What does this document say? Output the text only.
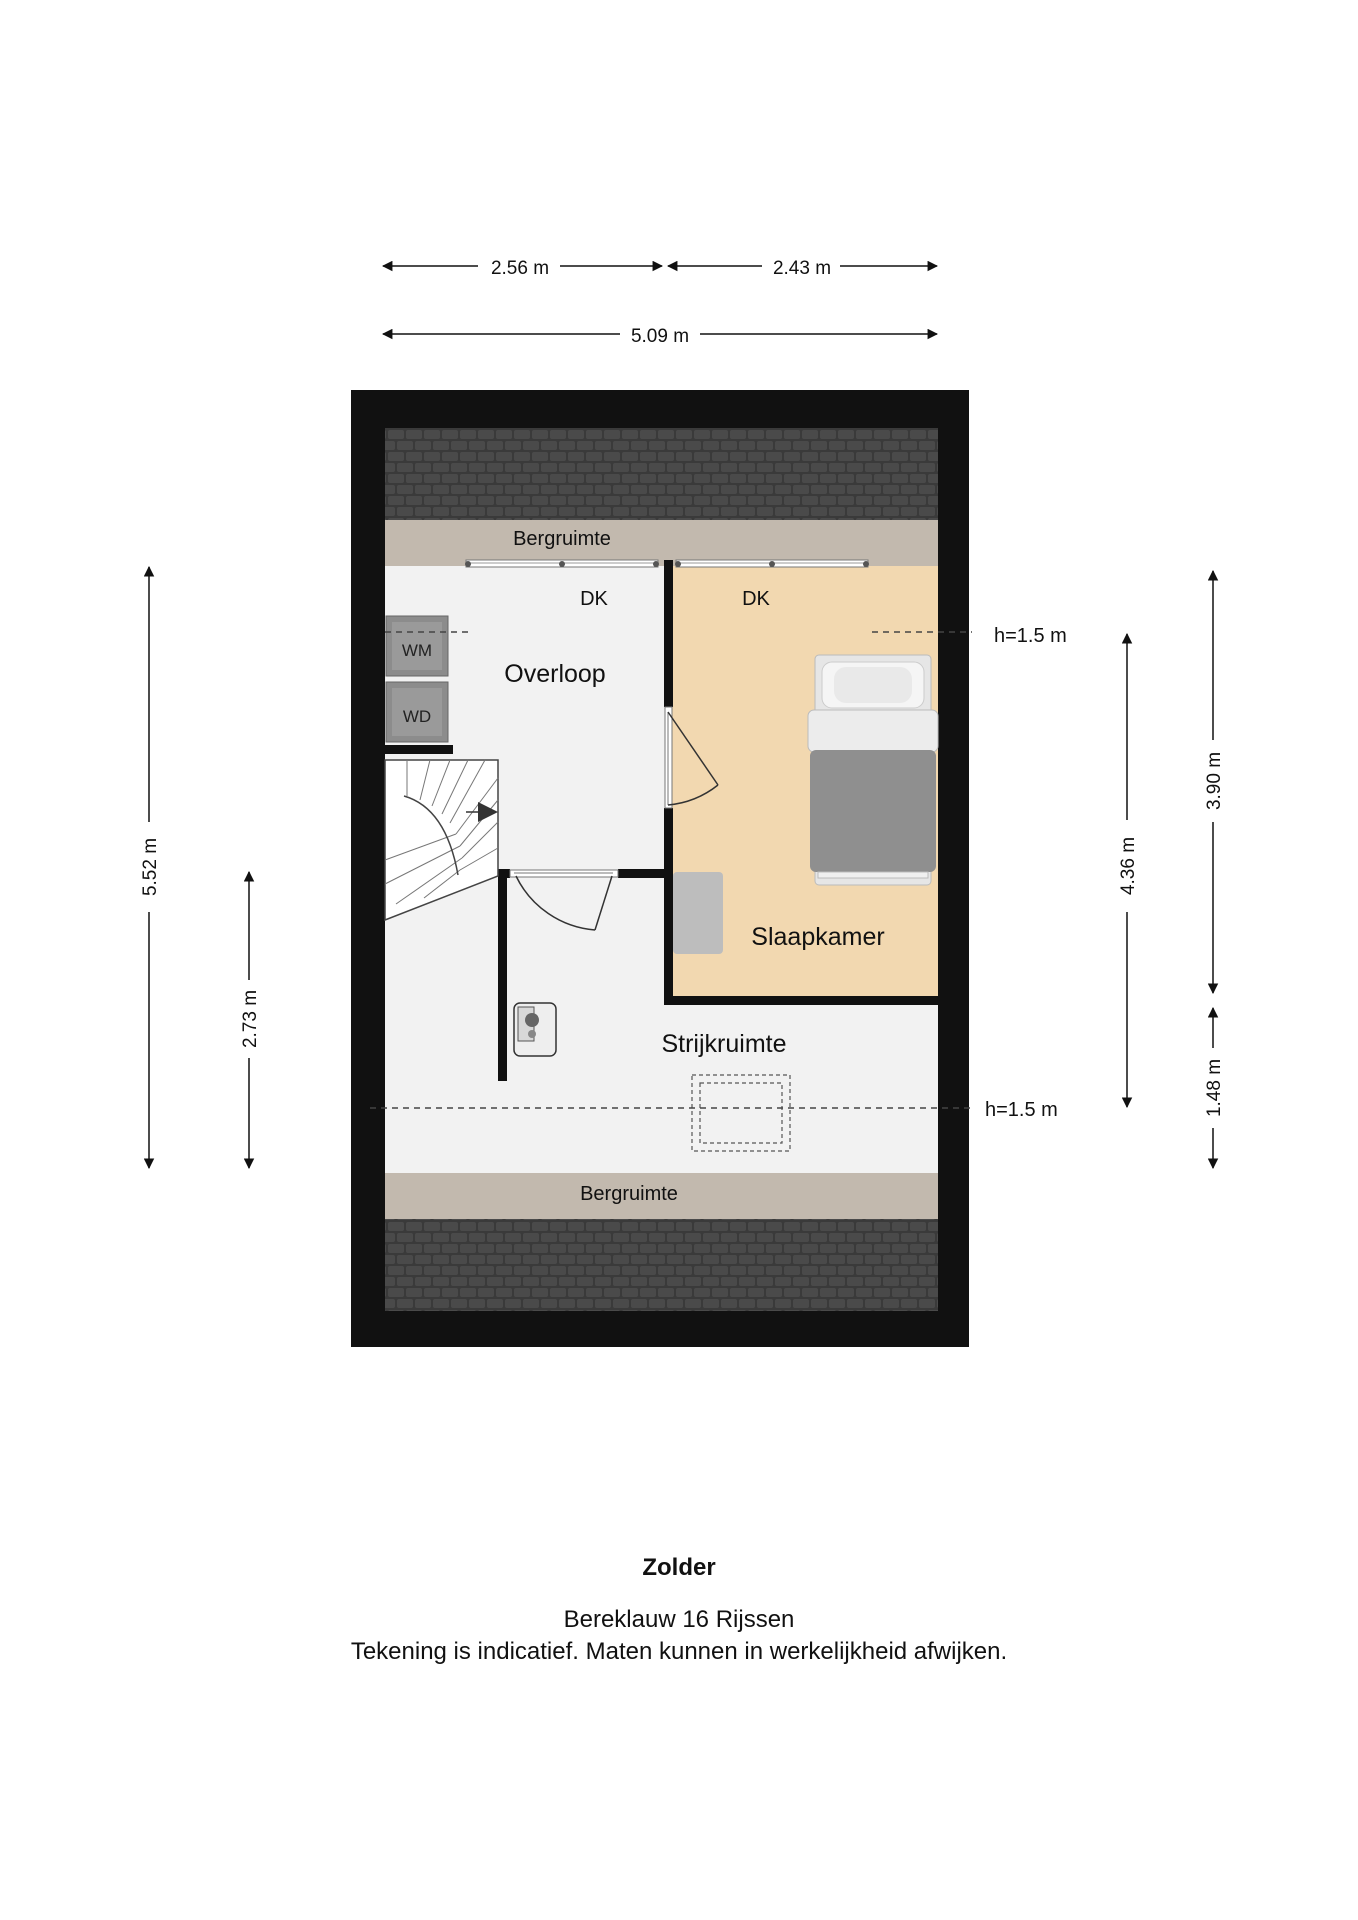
2.56 m	2.43 m
5.09 m
5.52 m
2.73 m
4.36 m
3.90 m
1.48 m
WM
WD
Bergruimte
Bergruimte
DK	DK
Overloop
Slaapkamer
Strijkruimte
h=1.5 m
h=1.5 m
Zolder
Bereklauw 16 Rijssen
Tekening is indicatief. Maten kunnen in werkelijkheid afwijken.
